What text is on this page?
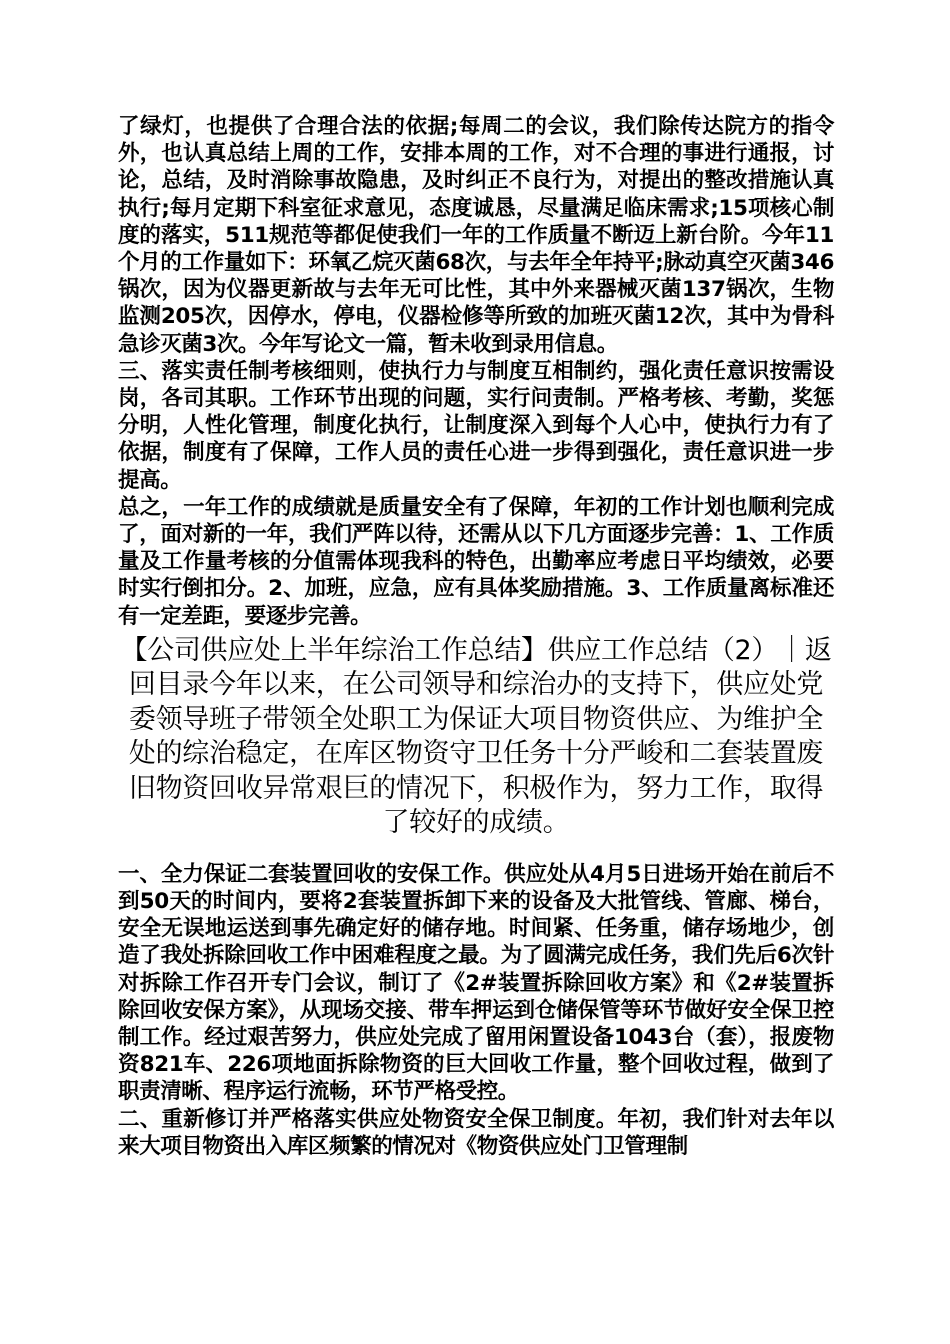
了绿灯，也提供了合理合法的依据;每周二的会议，我们除传达院方的指令外，也认真总结上周的工作，安排本周的工作，对不合理的事进行通报，讨论，总结，及时消除事故隐患，及时纠正不良行为，对提出的整改措施认真执行;每月定期下科室征求意见，态度诚恳，尽量满足临床需求;15项核心制度的落实，511规范等都促使我们一年的工作质量不断迈上新台阶。今年11个月的工作量如下：环氧乙烷灭菌68次，与去年全年持平;脉动真空灭菌346锅次，因为仪器更新故与去年无可比性，其中外来器械灭菌137锅次，生物监测205次，因停水，停电，仪器检修等所致的加班灭菌12次，其中为骨科急诊灭菌3次。今年写论文一篇，暂未收到录用信息。

三、落实责任制考核细则，使执行力与制度互相制约，强化责任意识按需设岗，各司其职。工作环节出现的问题，实行问责制。严格考核、考勤，奖惩分明，人性化管理，制度化执行，让制度深入到每个人心中，使执行力有了依据，制度有了保障，工作人员的责任心进一步得到强化，责任意识进一步提高。

总之，一年工作的成绩就是质量安全有了保障，年初的工作计划也顺利完成了，面对新的一年，我们严阵以待，还需从以下几方面逐步完善：1、工作质量及工作量考核的分值需体现我科的特色，出勤率应考虑日平均绩效，必要时实行倒扣分。2、加班，应急，应有具体奖励措施。3、工作质量离标准还有一定差距，要逐步完善。

【公司供应处上半年综治工作总结】供应工作总结（2）｜返回目录今年以来，在公司领导和综治办的支持下，供应处党委领导班子带领全处职工为保证大项目物资供应、为维护全处的综治稳定，在库区物资守卫任务十分严峻和二套装置废旧物资回收异常艰巨的情况下，积极作为，努力工作，取得了较好的成绩。

一、全力保证二套装置回收的安保工作。供应处从4月5日进场开始在前后不到50天的时间内，要将2套装置拆卸下来的设备及大批管线、管廊、梯台，安全无误地运送到事先确定好的储存地。时间紧、任务重，储存场地少，创造了我处拆除回收工作中困难程度之最。为了圆满完成任务，我们先后6次针对拆除工作召开专门会议，制订了《2#装置拆除回收方案》和《2#装置拆除回收安保方案》，从现场交接、带车押运到仓储保管等环节做好安全保卫控制工作。经过艰苦努力，供应处完成了留用闲置设备1043台（套），报废物资821车、226项地面拆除物资的巨大回收工作量，整个回收过程，做到了职责清晰、程序运行流畅，环节严格受控。

二、重新修订并严格落实供应处物资安全保卫制度。年初，我们针对去年以来大项目物资出入库区频繁的情况对《物资供应处门卫管理制
